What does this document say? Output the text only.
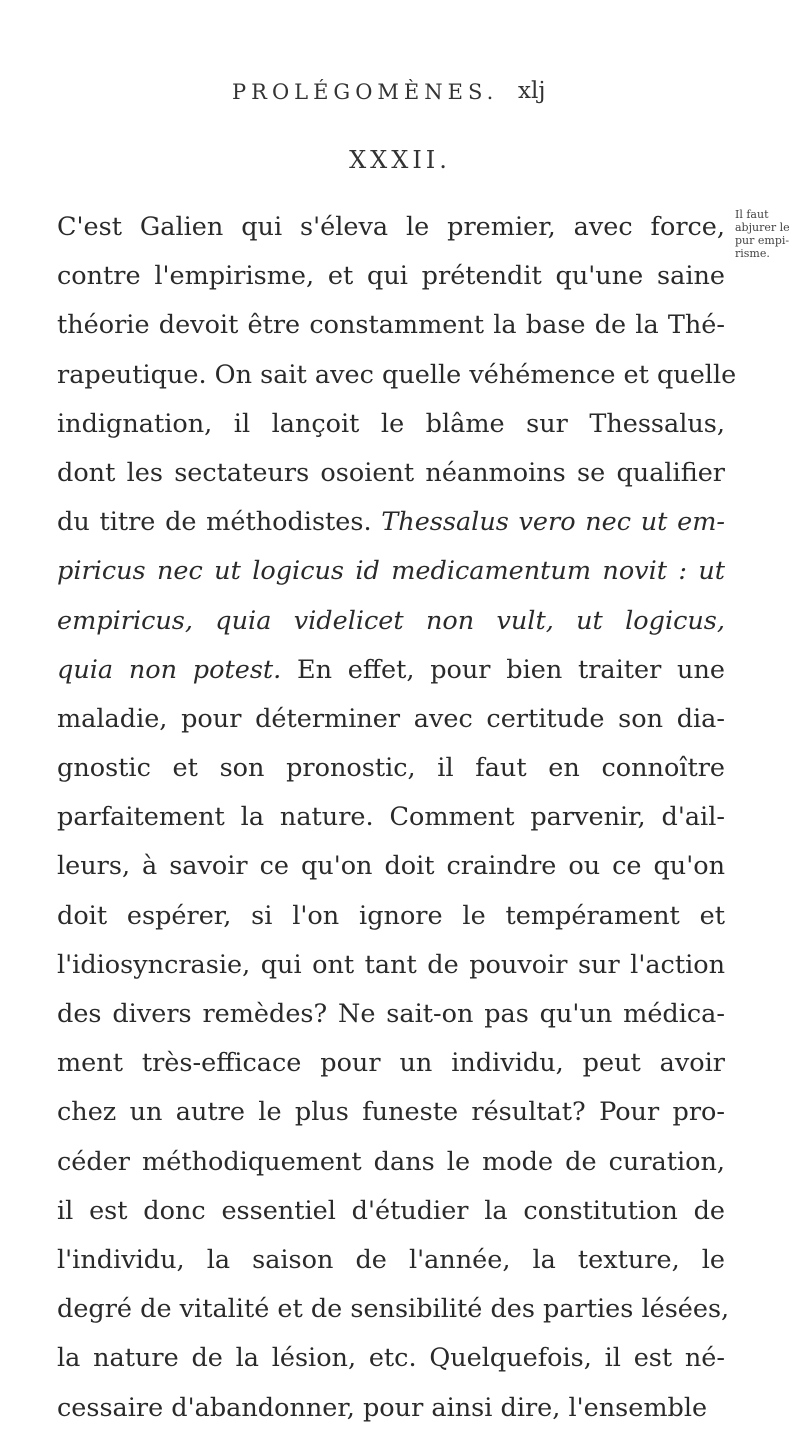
PROLÉGOMÈNES. xlj
XXXII.
Il faut
abjurer le
pur empi-
risme.
C'est Galien qui s'éleva le premier, avec force,
contre l'empirisme, et qui prétendit qu'une saine
théorie devoit être constamment la base de la Thé-
rapeutique. On sait avec quelle véhémence et quelle
indignation, il lançoit le blâme sur Thessalus,
dont les sectateurs osoient néanmoins se qualifier
du titre de méthodistes. Thessalus vero nec ut em-
piricus nec ut logicus id medicamentum novit : ut
empiricus, quia videlicet non vult, ut logicus,
quia non potest. En effet, pour bien traiter une
maladie, pour déterminer avec certitude son dia-
gnostic et son pronostic, il faut en connoître
parfaitement la nature. Comment parvenir, d'ail-
leurs, à savoir ce qu'on doit craindre ou ce qu'on
doit espérer, si l'on ignore le tempérament et
l'idiosyncrasie, qui ont tant de pouvoir sur l'action
des divers remèdes? Ne sait-on pas qu'un médica-
ment très-efficace pour un individu, peut avoir
chez un autre le plus funeste résultat? Pour pro-
céder méthodiquement dans le mode de curation,
il est donc essentiel d'étudier la constitution de
l'individu, la saison de l'année, la texture, le
degré de vitalité et de sensibilité des parties lésées,
la nature de la lésion, etc. Quelquefois, il est né-
cessaire d'abandonner, pour ainsi dire, l'ensemble
